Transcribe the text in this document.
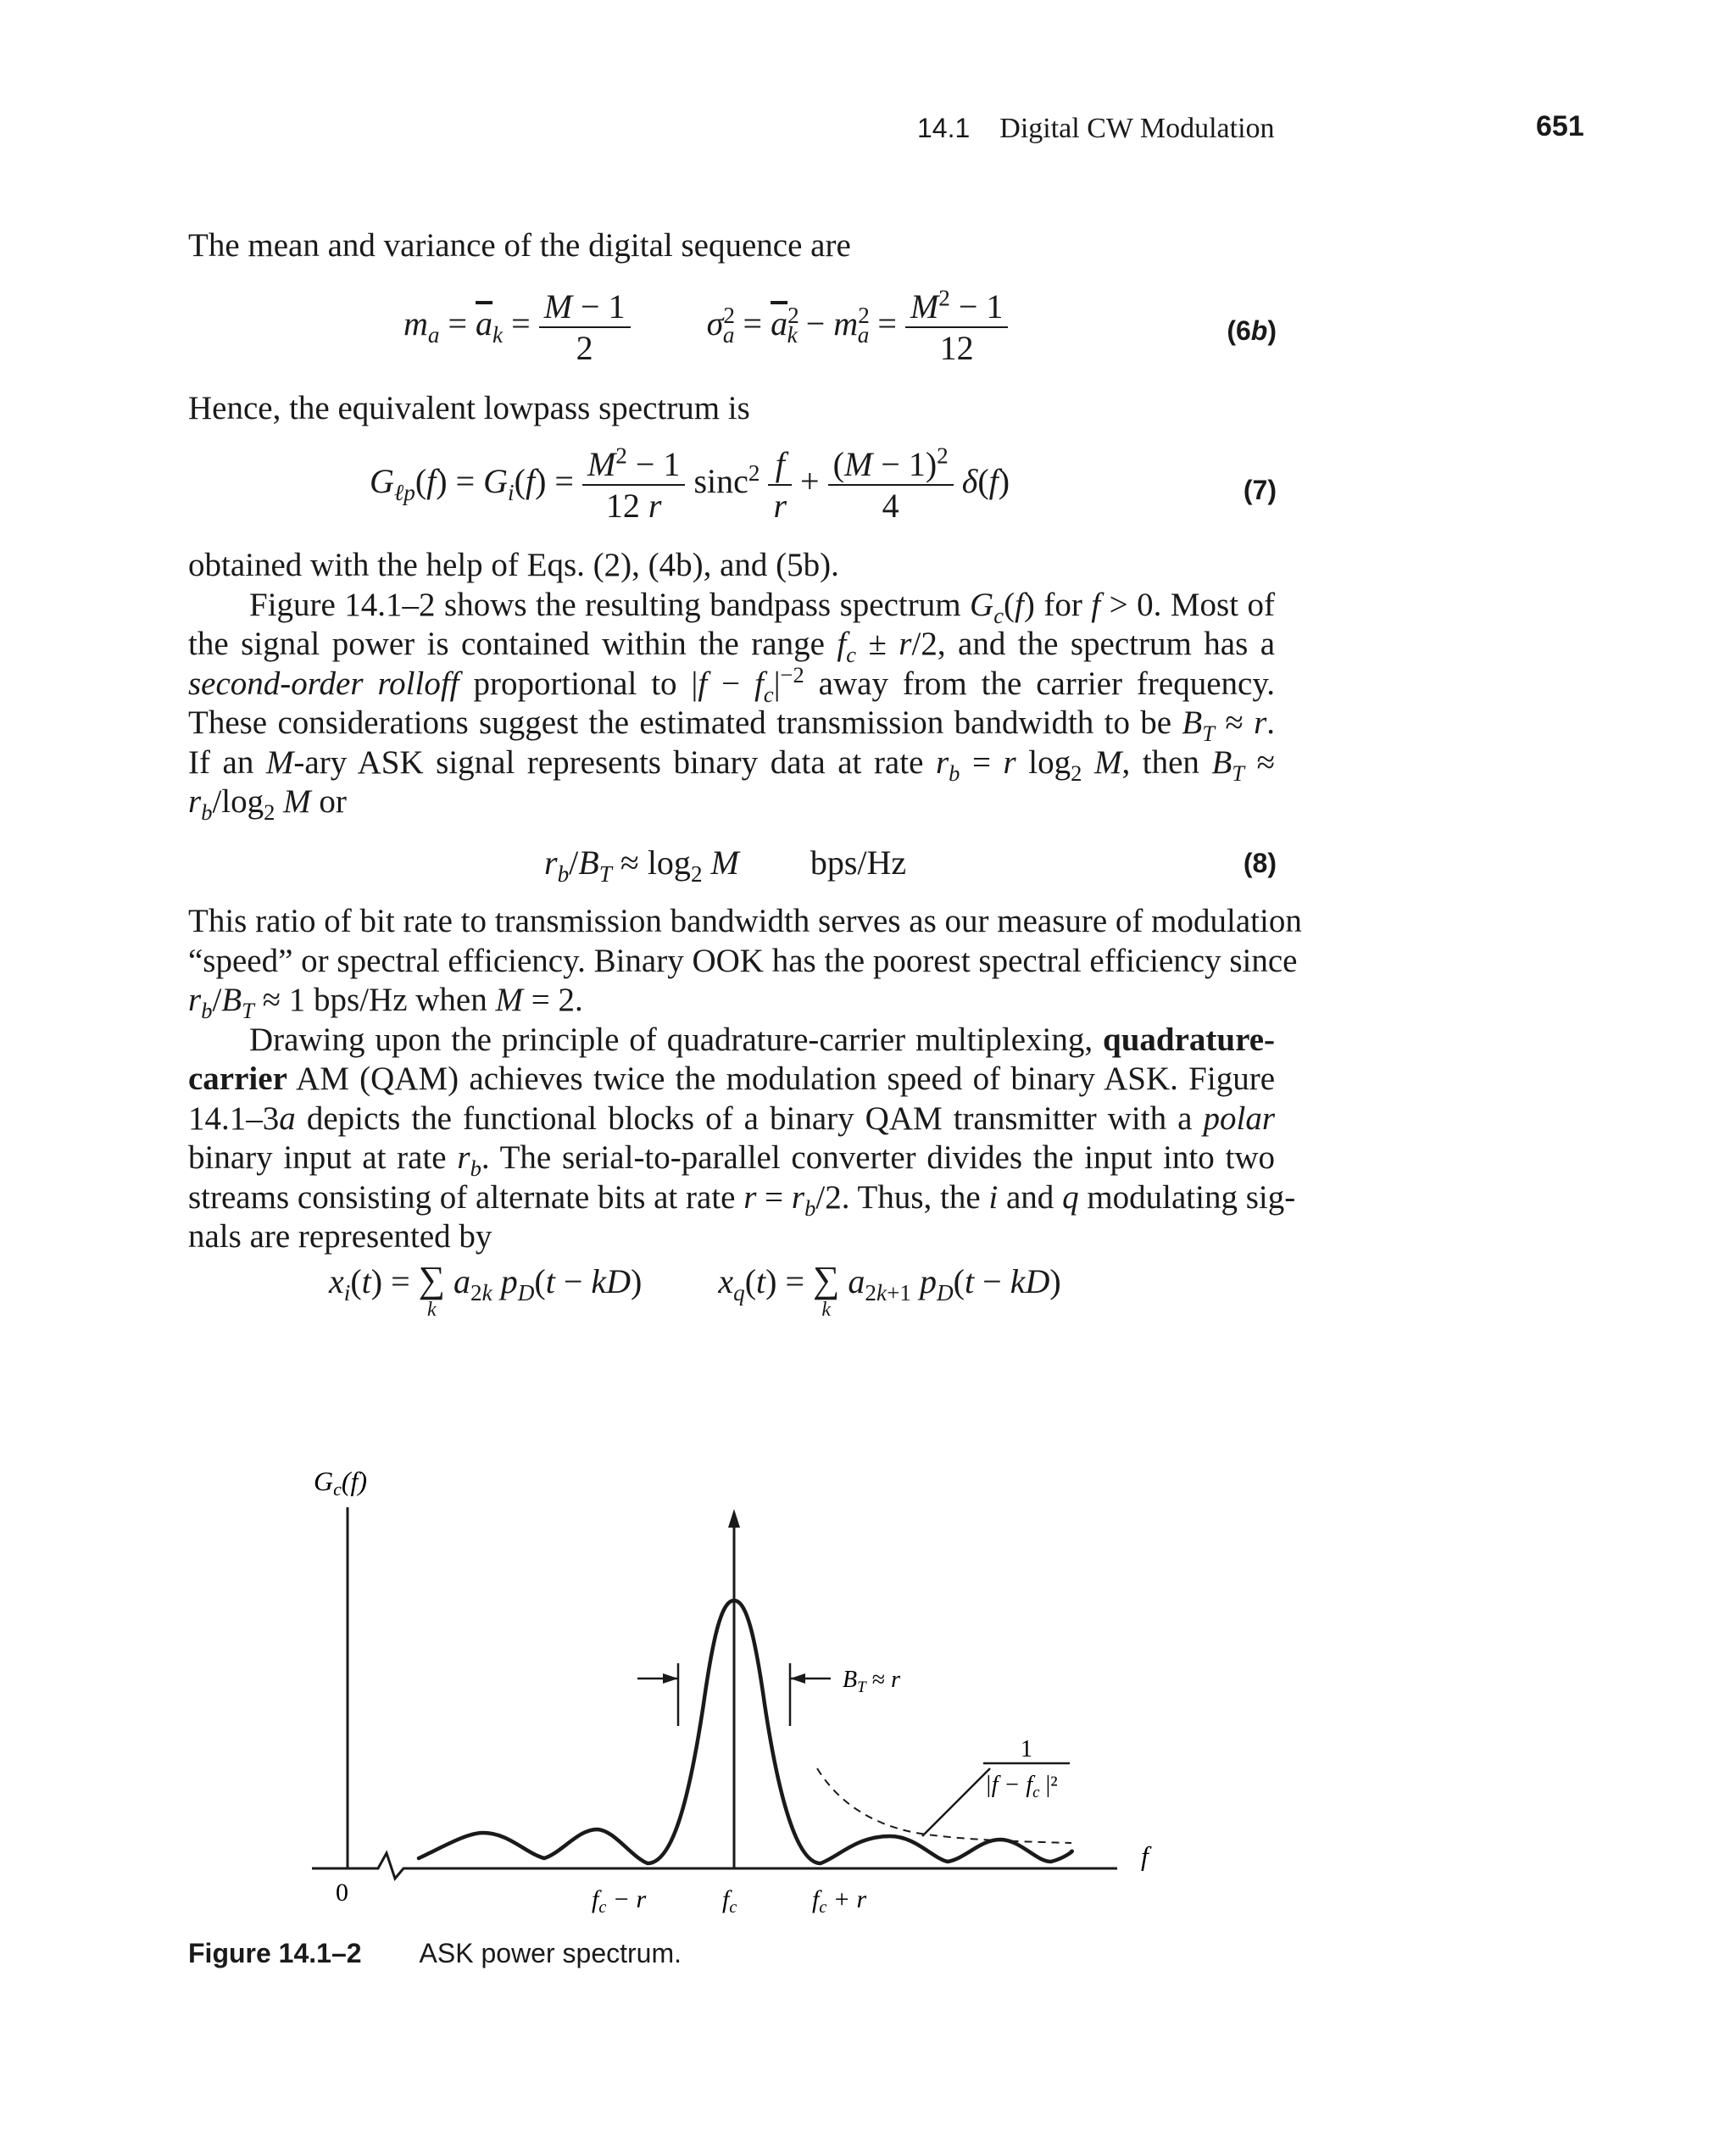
14.1 Digital CW Modulation	651
The mean and variance of the digital sequence are
$m_a = \overline{a}_k = \frac{M - 1}{2} \sigma^2_a = \overline{a}^2_k - m^2_a = \frac{M^2 - 1}{12}$	(6b)
Hence, the equivalent lowpass spectrum is
$G_{\ell p}(f) = G_i(f) = \frac{M^2 - 1}{12 r} \sin c^2 \frac{f}{r} + \frac{(M - 1)^2}{4} \delta(f)$	(7)
obtained with the help of Eqs. (2), (4b), and (5b).
Figure 14.1–2 shows the resulting bandpass spectrum $G_c(f)$ for f > 0. Most of
the signal power is contained within the range $f_c \pm r/2$, and the spectrum has a
second-order rolloff proportional to $|f - f_c|^{-2}$ away from the carrier frequency.
These considerations suggest the estimated transmission bandwidth to be $B_T \approx r$.
If an M-ary ASK signal represents binary data at rate $r_b = r$ $\log_2 M$, then $B_T$ ≈
$r_b/\log_2$ M or
$r_b/B_T \approx \log_2 M$ bps/Hz	(8)
This ratio of bit rate to transmission bandwidth serves as our measure of modulation
“speed” or spectral efficiency. Binary OOK has the poorest spectral efficiency since
$r_b/B_T \approx 1$ bps/Hz when M = 2.
Drawing upon the principle of quadrature-carrier multiplexing, quadrature-
carrier AM (QAM) achieves twice the modulation speed of binary ASK. Figure
14.1–3a depicts the functional blocks of a binary QAM transmitter with a polar
binary input at rate $r_b$. The serial-to-parallel converter divides the input into two
streams consisting of alternate bits at rate $r = r_b/2$. Thus, the i and q modulating sig-
nals are represented by
$x_i(t)$ = ∑
k
$a_{2k}$ $p_D(t - kD) x_q(t)$ = ∑
k
$a_{2k+1}$ $p_D(t - kD)$
Gc(f)
0
f
$f_c - r$	$f_c$	$f_c + r$
$B_T \approx r$
1
$|f - f_c$ |²
Figure 14.1–2 ASK power spectrum.
